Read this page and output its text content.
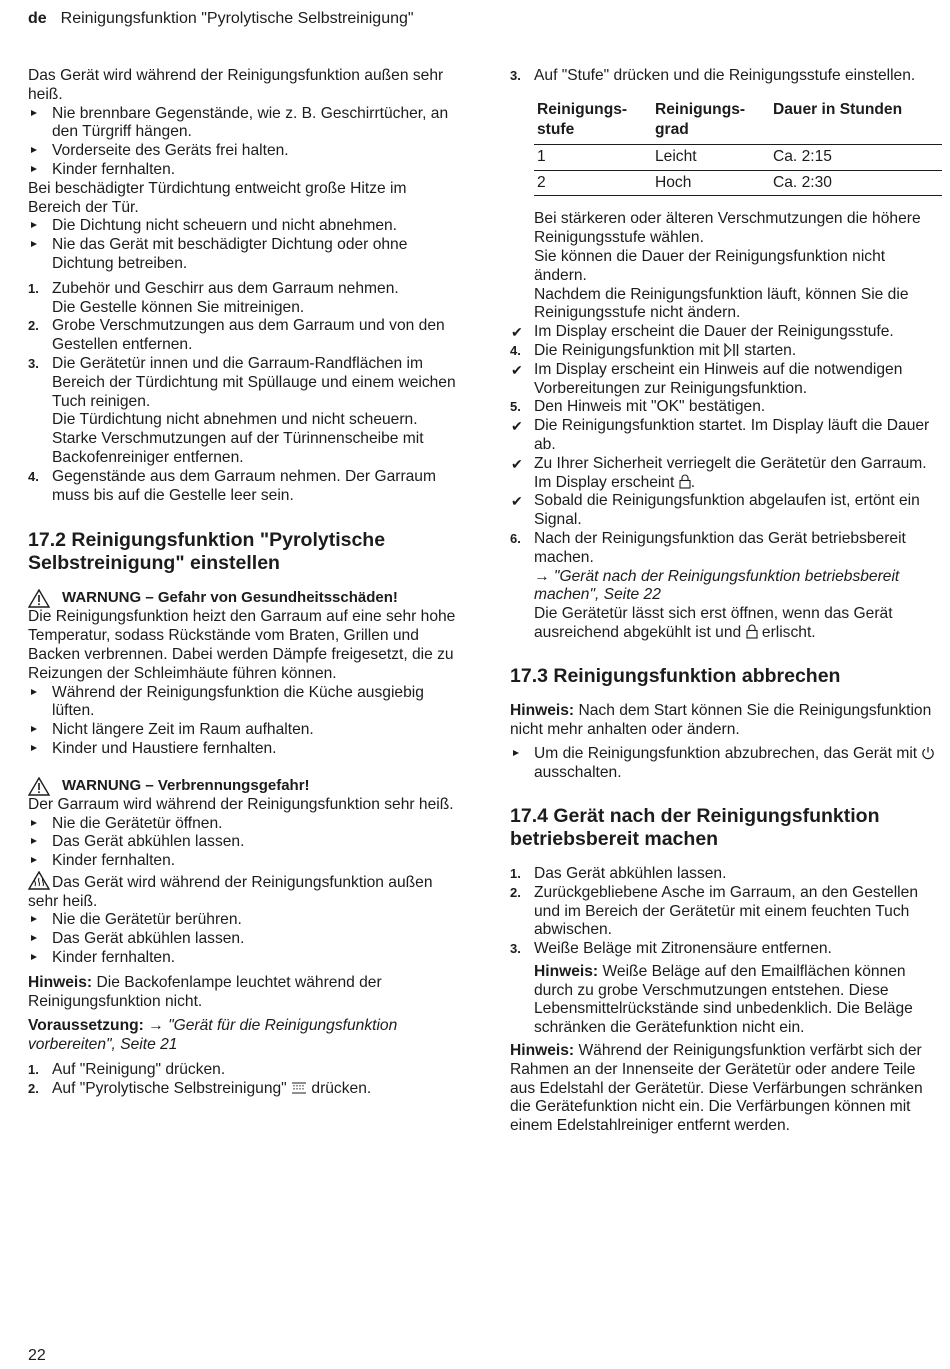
de Reinigungsfunktion "Pyrolytische Selbstreinigung"

Das Gerät wird während der Reinigungsfunktion außen sehr heiß.

Nie brennbare Gegenstände, wie z. B. Geschirrtücher, an den Türgriff hängen.

Vorderseite des Geräts frei halten.

Kinder fernhalten.

Bei beschädigter Türdichtung entweicht große Hitze im Bereich der Tür.

Die Dichtung nicht scheuern und nicht abnehmen.

Nie das Gerät mit beschädigter Dichtung oder ohne Dichtung betreiben.

1. Zubehör und Geschirr aus dem Garraum nehmen.

Die Gestelle können Sie mitreinigen.

2. Grobe Verschmutzungen aus dem Garraum und von den Gestellen entfernen.

3. Die Gerätetür innen und die Garraum-Randflächen im Bereich der Türdichtung mit Spüllauge und einem weichen Tuch reinigen.

Die Türdichtung nicht abnehmen und nicht scheuern.

Starke Verschmutzungen auf der Türinnenscheibe mit Backofenreiniger entfernen.

4. Gegenstände aus dem Garraum nehmen. Der Garraum muss bis auf die Gestelle leer sein.

17.2 Reinigungsfunktion "Pyrolytische Selbstreinigung" einstellen
WARNUNG – Gefahr von Gesundheitsschäden!

Die Reinigungsfunktion heizt den Garraum auf eine sehr hohe Temperatur, sodass Rückstände vom Braten, Grillen und Backen verbrennen. Dabei werden Dämpfe freigesetzt, die zu Reizungen der Schleimhäute führen können.

Während der Reinigungsfunktion die Küche ausgiebig lüften.

Nicht längere Zeit im Raum aufhalten.

Kinder und Haustiere fernhalten.

WARNUNG – Verbrennungsgefahr!

Der Garraum wird während der Reinigungsfunktion sehr heiß.

Nie die Gerätetür öffnen.

Das Gerät abkühlen lassen.

Kinder fernhalten.

Das Gerät wird während der Reinigungsfunktion außen sehr heiß.

Nie die Gerätetür berühren.

Das Gerät abkühlen lassen.

Kinder fernhalten.

Hinweis: Die Backofenlampe leuchtet während der Reinigungsfunktion nicht.

Voraussetzung: → "Gerät für die Reinigungsfunktion vorbereiten", Seite 21

1. Auf "Reinigung" drücken.

2. Auf "Pyrolytische Selbstreinigung" drücken.

3. Auf "Stufe" drücken und die Reinigungsstufe einstellen.

Reinigungs-stufe	Reinigungs-grad	Dauer in Stunden
1	Leicht	Ca. 2:15
2	Hoch	Ca. 2:30

Bei stärkeren oder älteren Verschmutzungen die höhere Reinigungsstufe wählen.

Sie können die Dauer der Reinigungsfunktion nicht ändern.

Nachdem die Reinigungsfunktion läuft, können Sie die Reinigungsstufe nicht ändern.

✔ Im Display erscheint die Dauer der Reinigungsstufe.

4. Die Reinigungsfunktion mit starten.

✔ Im Display erscheint ein Hinweis auf die notwendigen Vorbereitungen zur Reinigungsfunktion.

5. Den Hinweis mit "OK" bestätigen.

✔ Die Reinigungsfunktion startet. Im Display läuft die Dauer ab.

✔ Zu Ihrer Sicherheit verriegelt die Gerätetür den Garraum. Im Display erscheint .

✔ Sobald die Reinigungsfunktion abgelaufen ist, ertönt ein Signal.

6. Nach der Reinigungsfunktion das Gerät betriebsbereit machen.

→ "Gerät nach der Reinigungsfunktion betriebsbereit machen", Seite 22

Die Gerätetür lässt sich erst öffnen, wenn das Gerät ausreichend abgekühlt ist und erlischt.

17.3 Reinigungsfunktion abbrechen

Hinweis: Nach dem Start können Sie die Reinigungsfunktion nicht mehr anhalten oder ändern.

Um die Reinigungsfunktion abzubrechen, das Gerät mit  ausschalten.

17.4 Gerät nach der Reinigungsfunktion betriebsbereit machen
1. Das Gerät abkühlen lassen.

2. Zurückgebliebene Asche im Garraum, an den Gestellen und im Bereich der Gerätetür mit einem feuchten Tuch abwischen.

3. Weiße Beläge mit Zitronensäure entfernen.

Hinweis: Weiße Beläge auf den Emailflächen können durch zu grobe Verschmutzungen entstehen. Diese Lebensmittelrückstände sind unbedenklich. Die Beläge schränken die Gerätefunktion nicht ein.

Hinweis: Während der Reinigungsfunktion verfärbt sich der Rahmen an der Innenseite der Gerätetür oder andere Teile aus Edelstahl der Gerätetür. Diese Verfärbungen schränken die Gerätefunktion nicht ein. Die Verfärbungen können mit einem Edelstahlreiniger entfernt werden.

22
